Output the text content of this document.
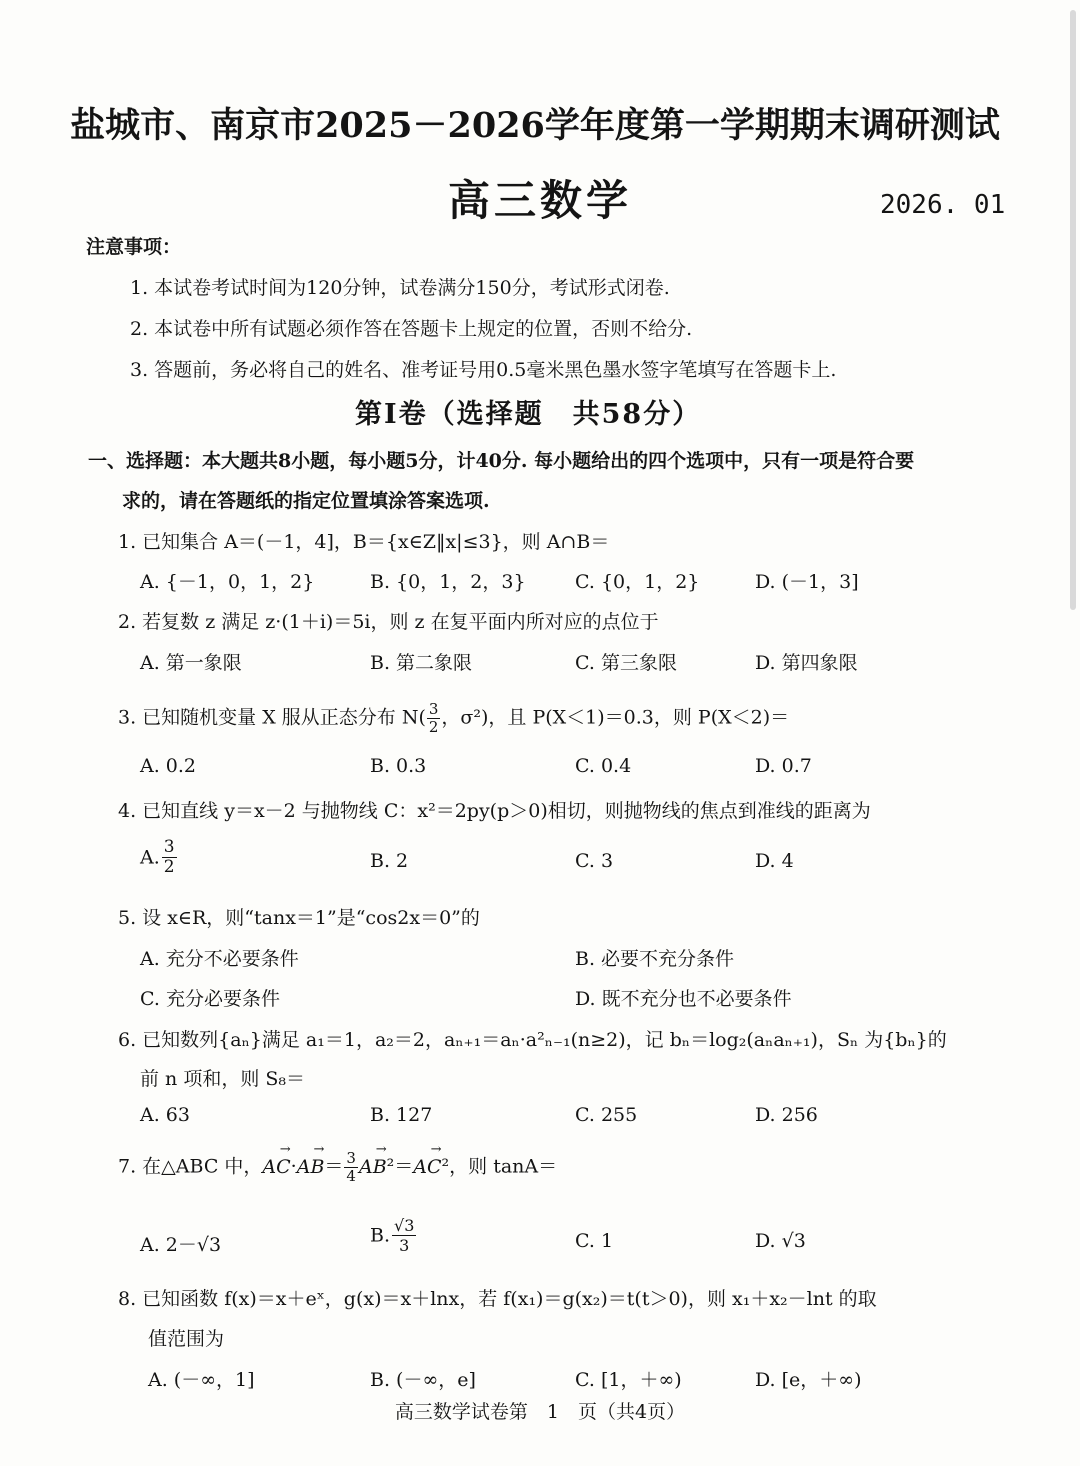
盐城市、南京市2025－2026学年度第一学期期末调研测试
高三数学	2026. 01
注意事项：
1. 本试卷考试时间为120分钟，试卷满分150分，考试形式闭卷.
2. 本试卷中所有试题必须作答在答题卡上规定的位置，否则不给分.
3. 答题前，务必将自己的姓名、准考证号用0.5毫米黑色墨水签字笔填写在答题卡上.
第Ⅰ卷（选择题　共58分）
一、选择题：本大题共8小题，每小题5分，计40分. 每小题给出的四个选项中，只有一项是符合要
求的，请在答题纸的指定位置填涂答案选项.
1. 已知集合 A＝(－1，4]，B＝{x∈Z‖x|≤3}，则 A∩B＝
A. {－1，0，1，2}	B. {0，1，2，3}	C. {0，1，2}	D. (－1，3]
2. 若复数 z 满足 z·(1＋i)＝5i，则 z 在复平面内所对应的点位于
A. 第一象限	B. 第二象限	C. 第三象限	D. 第四象限
3. 已知随机变量 X 服从正态分布 $N( \frac{3}{2}$ ，σ²)，且 P(X＜1)＝0.3，则 P(X＜2)＝
A. 0.2	B. 0.3	C. 0.4	D. 0.7
4. 已知直线 y＝x－2 与抛物线 C：x²＝2py(p＞0)相切，则抛物线的焦点到准线的距离为
A. $\frac{3}{2}$	B. 2	C. 3	D. 4
5. 设 x∈R，则“tanx＝1”是“cos2x＝0”的
A. 充分不必要条件	B. 必要不充分条件
C. 充分必要条件	D. 既不充分也不必要条件
6. 已知数列{aₙ}满足 a₁＝1，a₂＝2，aₙ₊₁＝aₙ·a²ₙ₋₁(n≥2)，记 bₙ＝log₂(aₙaₙ₊₁)，Sₙ 为{bₙ}的
前 n 项和，则 S₈＝
A. 63	B. 127	C. 255	D. 256
7. 在△ABC 中，AC
→
·AB
→
＝ $\frac{3}{4}$ AB
→
²＝AC
→
²，则 tanA＝
A. 2－√3	B. $\frac{√3}{3}$	C. 1	D. √3
8. 已知函数 f(x)＝x＋eˣ，g(x)＝x＋lnx，若 f(x₁)＝g(x₂)＝t(t＞0)，则 x₁＋x₂－lnt 的取
值范围为
A. (－∞，1]	B. (－∞，e]	C. [1，＋∞)	D. [e，＋∞)
高三数学试卷第　1　页（共4页）
